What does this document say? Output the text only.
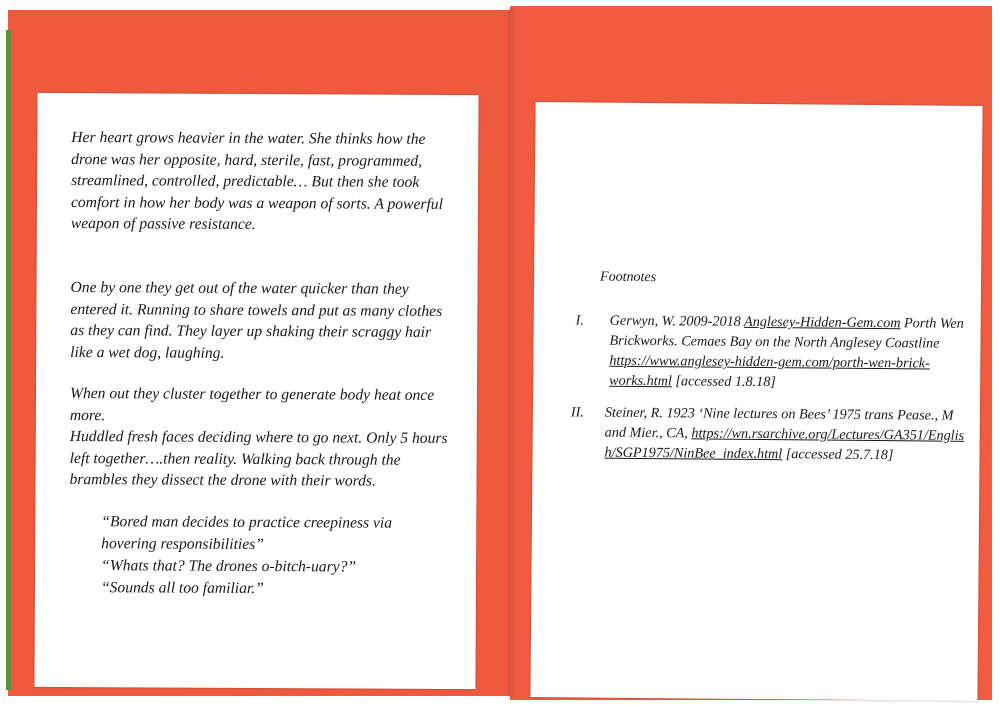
Her heart grows heavier in the water. She thinks how the drone was her opposite, hard, sterile, fast, programmed, streamlined, controlled, predictable… But then she took comfort in how her body was a weapon of sorts. A powerful weapon of passive resistance.

One by one they get out of the water quicker than they entered it. Running to share towels and put as many clothes as they can find. They layer up shaking their scraggy hair like a wet dog, laughing.

When out they cluster together to generate body heat once more.
Huddled fresh faces deciding where to go next. Only 5 hours left together….then reality. Walking back through the brambles they dissect the drone with their words.
“Bored man decides to practice creepiness via hovering responsibilities”
“Whats that? The drones o-bitch-uary?”
“Sounds all too familiar.”
Footnotes
I. Gerwyn, W. 2009-2018 Anglesey-Hidden-Gem.com Porth Wen Brickworks. Cemaes Bay on the North Anglesey Coastline https://www.anglesey-hidden-gem.com/porth-wen-brick-works.html [accessed 1.8.18]
II. Steiner, R. 1923 ‘Nine lectures on Bees’ 1975 trans Pease., M and Mier., CA, https://wn.rsarchive.org/Lectures/GA351/English/SGP1975/NinBee_index.html [accessed 25.7.18]
